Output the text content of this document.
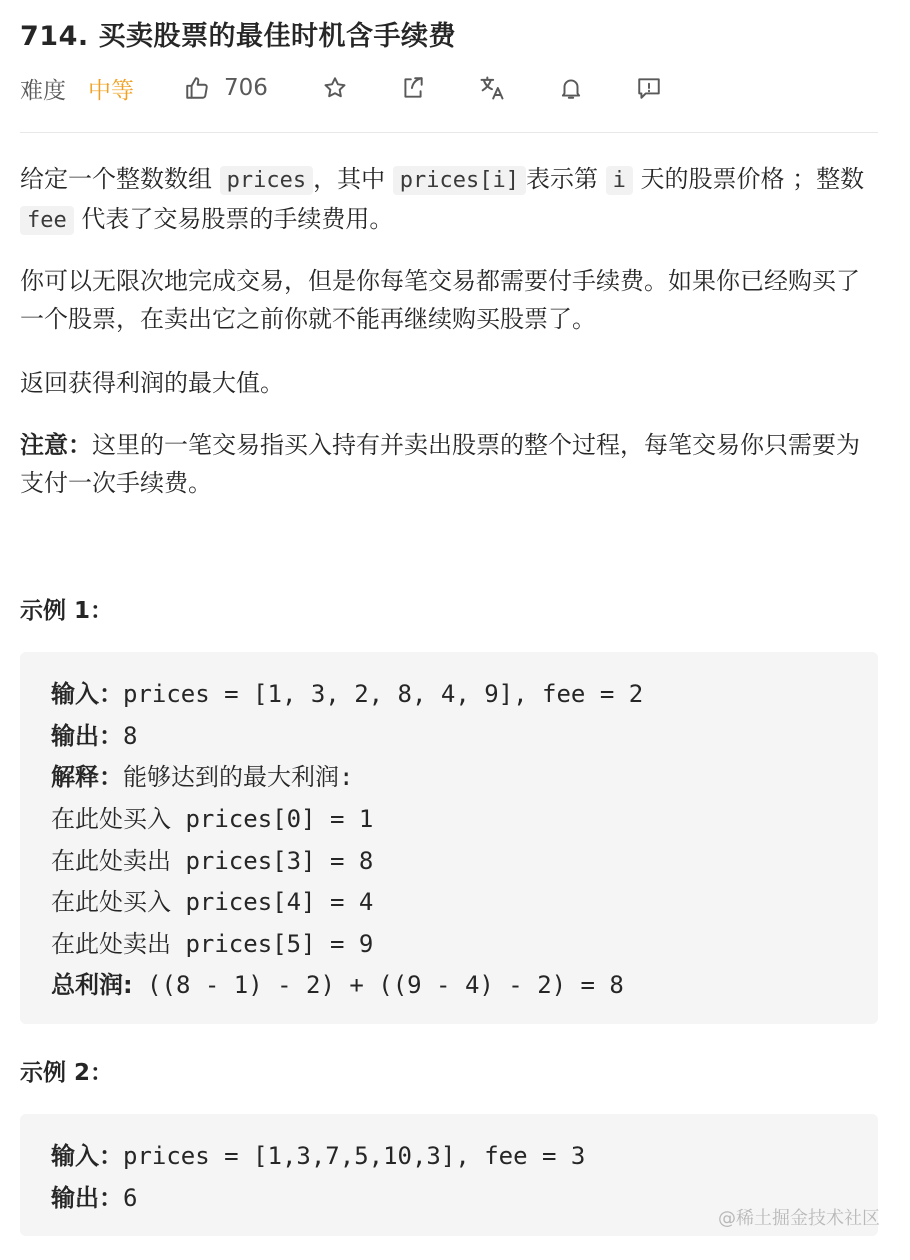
714. 买卖股票的最佳时机含手续费
难度 中等	706
给定一个整数数组 prices ，其中 prices[i] 表示第 i 天的股票价格 ；整数 fee 代表了交易股票的手续费用。
你可以无限次地完成交易，但是你每笔交易都需要付手续费。如果你已经购买了一个股票，在卖出它之前你就不能再继续购买股票了。
返回获得利润的最大值。
注意：这里的一笔交易指买入持有并卖出股票的整个过程，每笔交易你只需要为支付一次手续费。
示例 1：
输入：prices = [1, 3, 2, 8, 4, 9], fee = 2
输出：8
解释：能够达到的最大利润:
在此处买入 prices[0] = 1
在此处卖出 prices[3] = 8
在此处买入 prices[4] = 4
在此处卖出 prices[5] = 9
总利润: ((8 - 1) - 2) + ((9 - 4) - 2) = 8
示例 2：
输入：prices = [1,3,7,5,10,3], fee = 3
输出：6
@稀土掘金技术社区
